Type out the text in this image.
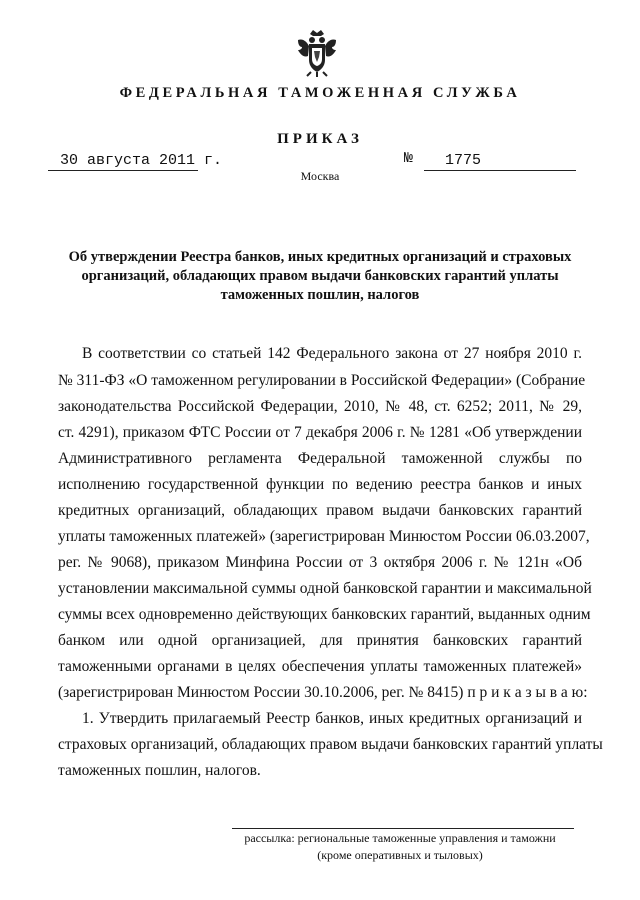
ФЕДЕРАЛЬНАЯ ТАМОЖЕННАЯ СЛУЖБА
ПРИКАЗ
30 августа 2011 г.	№ 1775
Москва
Об утверждении Реестра банков, иных кредитных организаций и страховых
организаций, обладающих правом выдачи банковских гарантий уплаты
таможенных пошлин, налогов
В соответствии со статьей 142 Федерального закона от 27 ноября 2010 г.
№ 311-ФЗ «О таможенном регулировании в Российской Федерации» (Собрание
законодательства Российской Федерации, 2010, № 48, ст. 6252; 2011, № 29,
ст. 4291), приказом ФТС России от 7 декабря 2006 г. № 1281 «Об утверждении
Административного регламента Федеральной таможенной службы по
исполнению государственной функции по ведению реестра банков и иных
кредитных организаций, обладающих правом выдачи банковских гарантий
уплаты таможенных платежей» (зарегистрирован Минюстом России 06.03.2007,
рег. № 9068), приказом Минфина России от 3 октября 2006 г. № 121н «Об
установлении максимальной суммы одной банковской гарантии и максимальной
суммы всех одновременно действующих банковских гарантий, выданных одним
банком или одной организацией, для принятия банковских гарантий
таможенными органами в целях обеспечения уплаты таможенных платежей»
(зарегистрирован Минюстом России 30.10.2006, рег. № 8415) п р и к а з ы в а ю:
1. Утвердить прилагаемый Реестр банков, иных кредитных организаций и
страховых организаций, обладающих правом выдачи банковских гарантий уплаты
таможенных пошлин, налогов.
рассылка: региональные таможенные управления и таможни
(кроме оперативных и тыловых)
